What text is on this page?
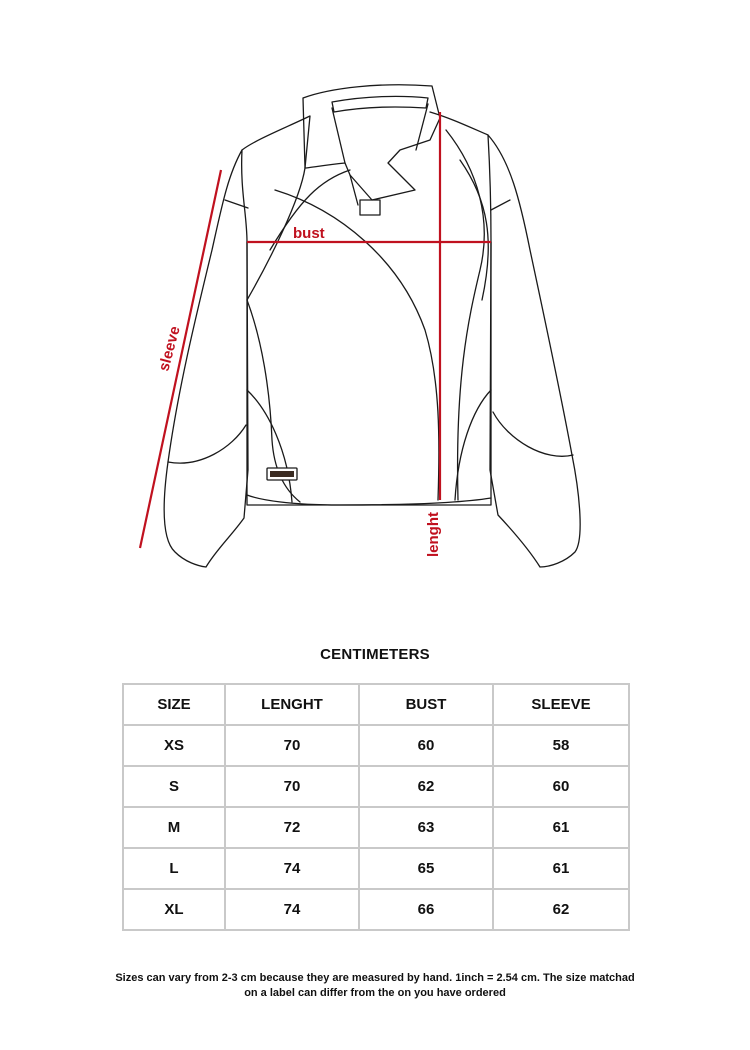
bust
sleeve
lenght
CENTIMETERS
SIZE	LENGHT	BUST	SLEEVE
XS	70	60	58
S	70	62	60
M	72	63	61
L	74	65	61
XL	74	66	62
Sizes can vary from 2-3 cm because they are measured by hand. 1inch = 2.54 cm. The size matchad on a label can differ from the on you have ordered
